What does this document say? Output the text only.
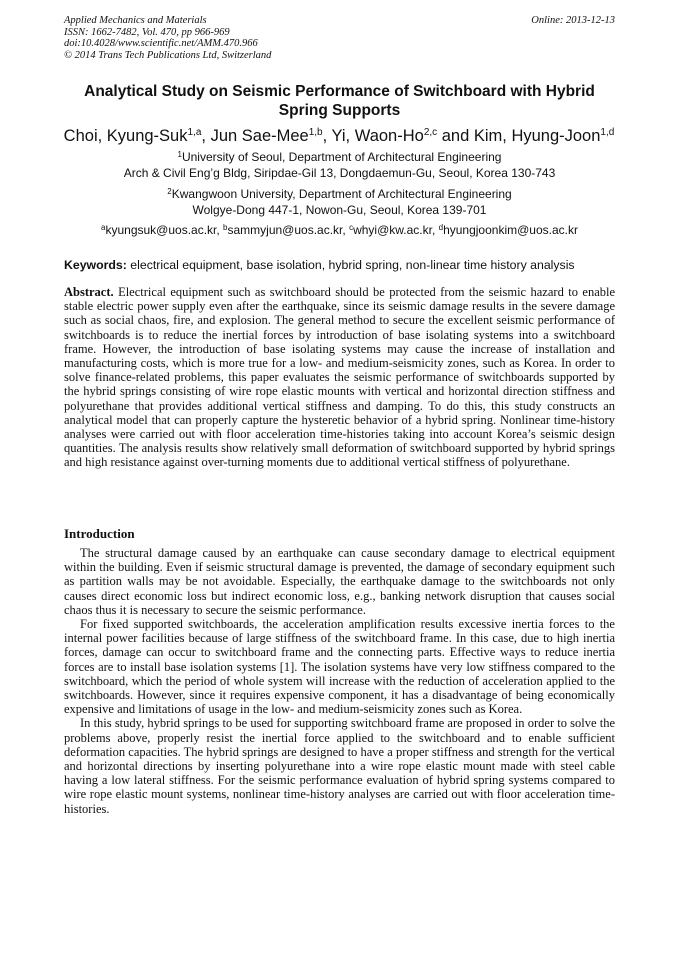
Applied Mechanics and Materials
ISSN: 1662-7482, Vol. 470, pp 966-969
doi:10.4028/www.scientific.net/AMM.470.966
© 2014 Trans Tech Publications Ltd, Switzerland
Online: 2013-12-13
Analytical Study on Seismic Performance of Switchboard with Hybrid Spring Supports
Choi, Kyung-Suk$^{1,a}$, Jun Sae-Mee$^{1,b}$, Yi, Waon-Ho$^{2,c}$ and Kim, Hyung-Joon$^{1,d}$
$^1$University of Seoul, Department of Architectural Engineering
Arch & Civil Eng’g Bldg, Siripdae-Gil 13, Dongdaemun-Gu, Seoul, Korea 130-743
$^2$Kwangwoon University, Department of Architectural Engineering
Wolgye-Dong 447-1, Nowon-Gu, Seoul, Korea 139-701
$^a$kyungsuk@uos.ac.kr, $^b$sammyjun@uos.ac.kr, $^c$whyi@kw.ac.kr, $^d$hyungjoonkim@uos.ac.kr
Keywords: electrical equipment, base isolation, hybrid spring, non-linear time history analysis
Abstract. Electrical equipment such as switchboard should be protected from the seismic hazard to enable stable electric power supply even after the earthquake, since its seismic damage results in the severe damage such as social chaos, fire, and explosion. The general method to secure the excellent seismic performance of switchboards is to reduce the inertial forces by introduction of base isolating systems into a switchboard frame. However, the introduction of base isolating systems may cause the increase of installation and manufacturing costs, which is more true for a low- and medium-seismicity zones, such as Korea. In order to solve finance-related problems, this paper evaluates the seismic performance of switchboards supported by the hybrid springs consisting of wire rope elastic mounts with vertical and horizontal direction stiffness and polyurethane that provides additional vertical stiffness and damping. To do this, this study constructs an analytical model that can properly capture the hysteretic behavior of a hybrid spring. Nonlinear time-history analyses were carried out with floor acceleration time-histories taking into account Korea’s seismic design quantities. The analysis results show relatively small deformation of switchboard supported by hybrid springs and high resistance against over-turning moments due to additional vertical stiffness of polyurethane.
Introduction

The structural damage caused by an earthquake can cause secondary damage to electrical equipment within the building. Even if seismic structural damage is prevented, the damage of secondary equipment such as partition walls may be not avoidable. Especially, the earthquake damage to the switchboards not only causes direct economic loss but indirect economic loss, e.g., banking network disruption that causes social chaos thus it is necessary to secure the seismic performance.

For fixed supported switchboards, the acceleration amplification results excessive inertia forces to the internal power facilities because of large stiffness of the switchboard frame. In this case, due to high inertia forces, damage can occur to switchboard frame and the connecting parts. Effective ways to reduce inertia forces are to install base isolation systems [1]. The isolation systems have very low stiffness compared to the switchboard, which the period of whole system will increase with the reduction of acceleration applied to the switchboards. However, since it requires expensive component, it has a disadvantage of being economically expensive and limitations of usage in the low- and medium-seismicity zones such as Korea.

In this study, hybrid springs to be used for supporting switchboard frame are proposed in order to solve the problems above, properly resist the inertial force applied to the switchboard and to enable sufficient deformation capacities. The hybrid springs are designed to have a proper stiffness and strength for the vertical and horizontal directions by inserting polyurethane into a wire rope elastic mount made with steel cable having a low lateral stiffness. For the seismic performance evaluation of hybrid spring systems compared to wire rope elastic mount systems, nonlinear time-history analyses are carried out with floor acceleration time-histories.
